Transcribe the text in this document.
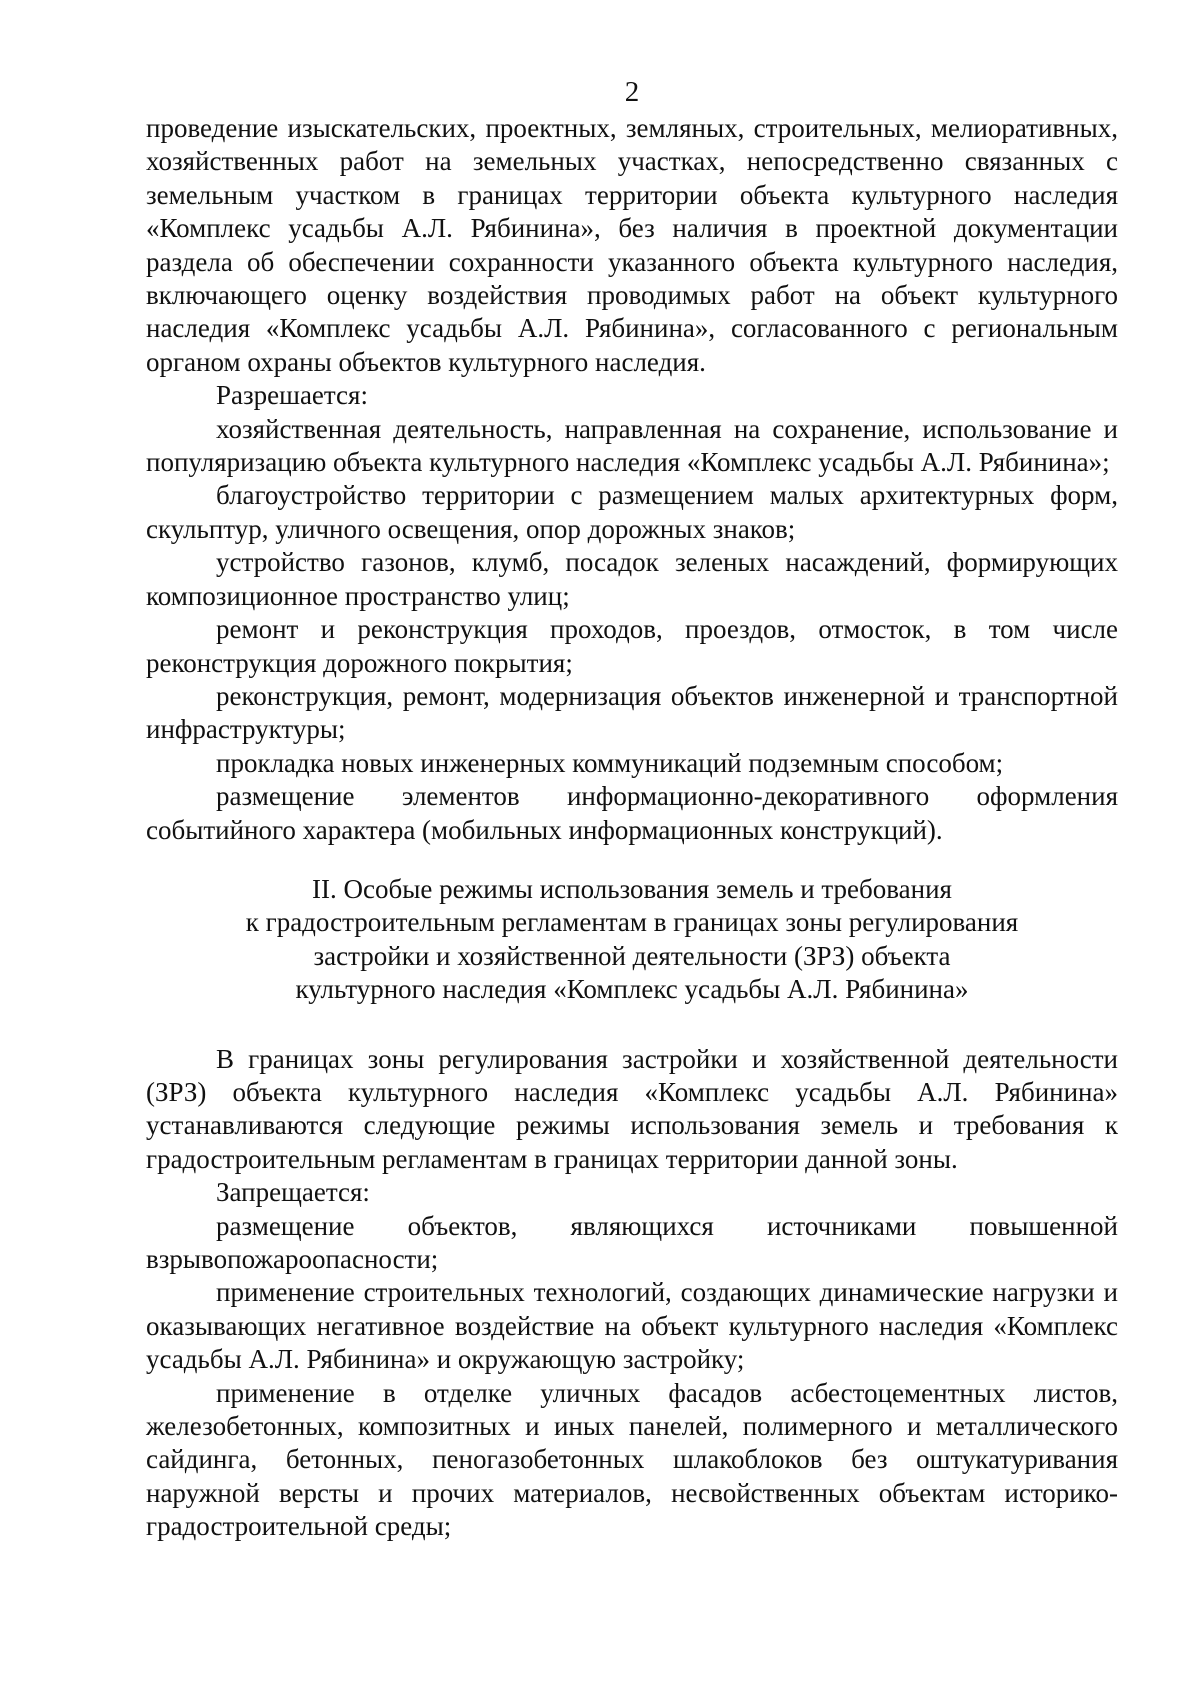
2

проведение изыскательских, проектных, земляных, строительных, мелиоративных, хозяйственных работ на земельных участках, непосредственно связанных с земельным участком в границах территории объекта культурного наследия «Комплекс усадьбы А.Л. Рябинина», без наличия в проектной документации раздела об обеспечении сохранности указанного объекта культурного наследия, включающего оценку воздействия проводимых работ на объект культурного наследия «Комплекс усадьбы А.Л. Рябинина», согласованного с региональным органом охраны объектов культурного наследия.

Разрешается:

хозяйственная деятельность, направленная на сохранение, использование и популяризацию объекта культурного наследия «Комплекс усадьбы А.Л. Рябинина»;

благоустройство территории с размещением малых архитектурных форм, скульптур, уличного освещения, опор дорожных знаков;

устройство газонов, клумб, посадок зеленых насаждений, формирующих композиционное пространство улиц;

ремонт и реконструкция проходов, проездов, отмосток, в том числе реконструкция дорожного покрытия;

реконструкция, ремонт, модернизация объектов инженерной и транспортной инфраструктуры;

прокладка новых инженерных коммуникаций подземным способом;

размещение элементов информационно-декоративного оформления событийного характера (мобильных информационных конструкций).

II. Особые режимы использования земель и требования
к градостроительным регламентам в границах зоны регулирования
застройки и хозяйственной деятельности (ЗРЗ) объекта
культурного наследия «Комплекс усадьбы А.Л. Рябинина»

В границах зоны регулирования застройки и хозяйственной деятельности (ЗРЗ) объекта культурного наследия «Комплекс усадьбы А.Л. Рябинина» устанавливаются следующие режимы использования земель и требования к градостроительным регламентам в границах территории данной зоны.

Запрещается:

размещение объектов, являющихся источниками повышенной взрывопожароопасности;

применение строительных технологий, создающих динамические нагрузки и оказывающих негативное воздействие на объект культурного наследия «Комплекс усадьбы А.Л. Рябинина» и окружающую застройку;

применение в отделке уличных фасадов асбестоцементных листов, железобетонных, композитных и иных панелей, полимерного и металлического сайдинга, бетонных, пеногазобетонных шлакоблоков без оштукатуривания наружной версты и прочих материалов, несвойственных объектам историко-градостроительной среды;
